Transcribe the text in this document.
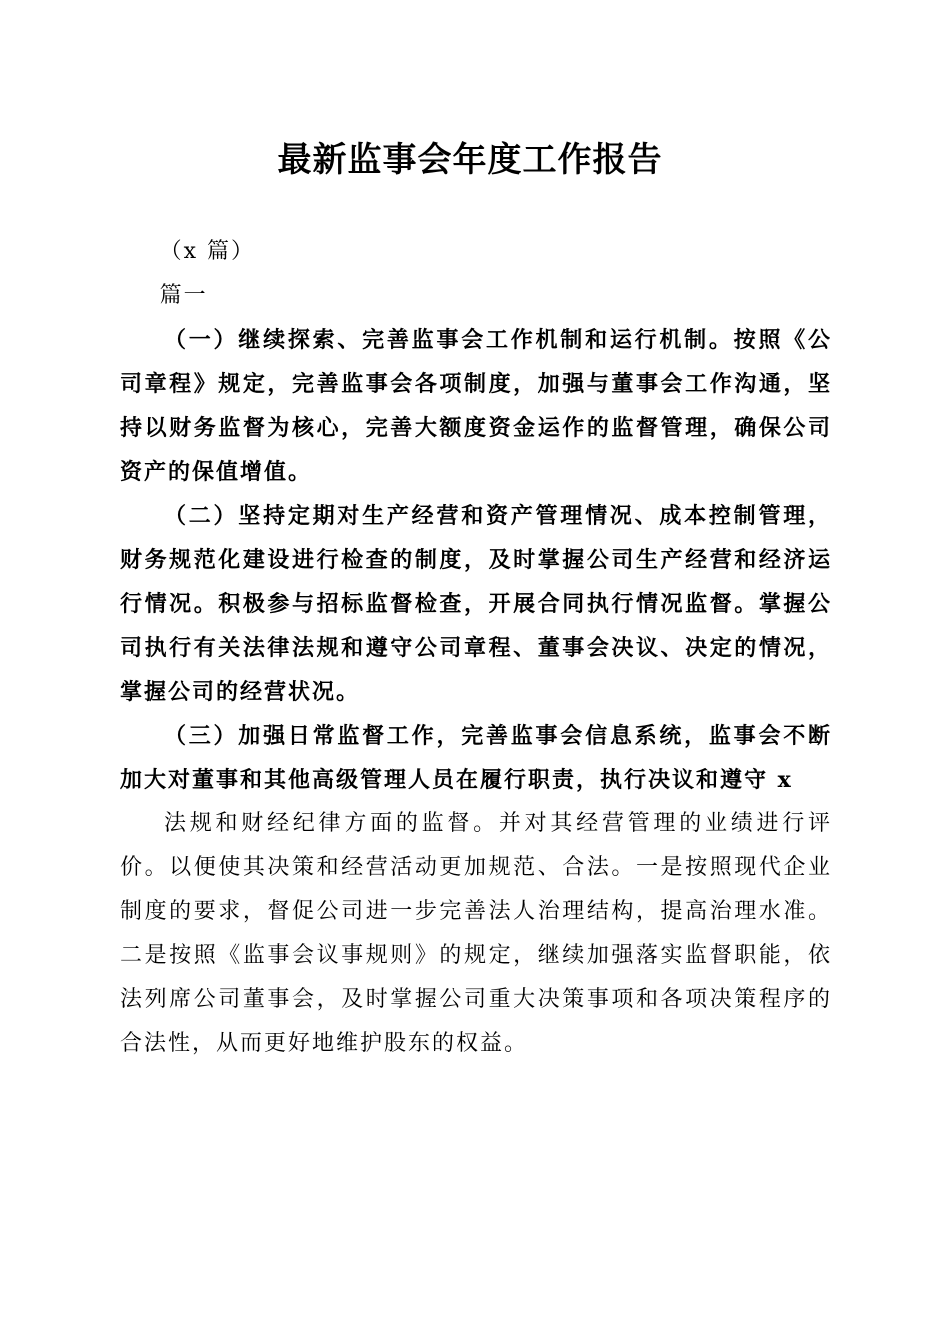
最新监事会年度工作报告

（x 篇）

篇一

（一）继续探索、完善监事会工作机制和运行机制。按照《公司章程》规定，完善监事会各项制度，加强与董事会工作沟通，坚持以财务监督为核心，完善大额度资金运作的监督管理，确保公司资产的保值增值。

（二）坚持定期对生产经营和资产管理情况、成本控制管理，财务规范化建设进行检查的制度，及时掌握公司生产经营和经济运行情况。积极参与招标监督检查，开展合同执行情况监督。掌握公司执行有关法律法规和遵守公司章程、董事会决议、决定的情况，掌握公司的经营状况。

（三）加强日常监督工作，完善监事会信息系统，监事会不断加大对董事和其他高级管理人员在履行职责，执行决议和遵守 x

法规和财经纪律方面的监督。并对其经营管理的业绩进行评价。以便使其决策和经营活动更加规范、合法。一是按照现代企业制度的要求，督促公司进一步完善法人治理结构，提高治理水准。二是按照《监事会议事规则》的规定，继续加强落实监督职能，依法列席公司董事会，及时掌握公司重大决策事项和各项决策程序的合法性，从而更好地维护股东的权益。
